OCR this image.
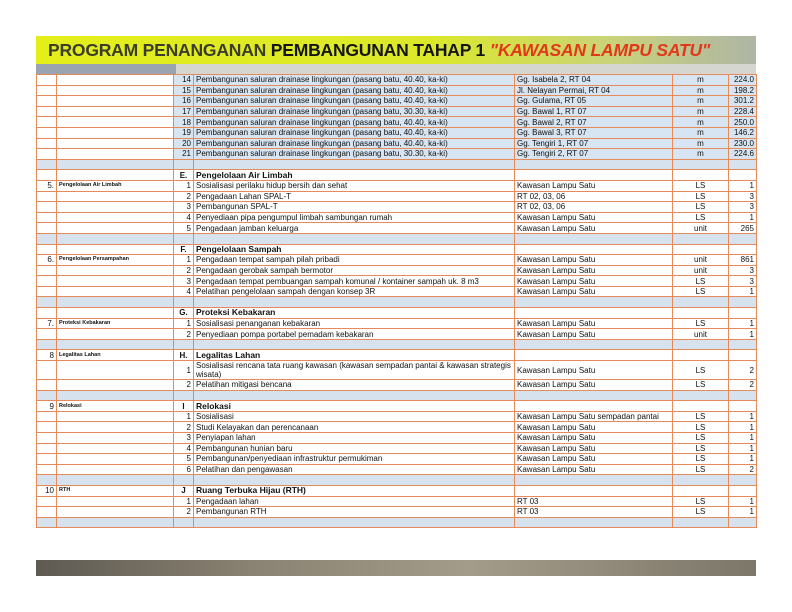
PROGRAM PENANGANAN PEMBANGUNAN TAHAP 1 "KAWASAN LAMPU SATU"
		14	Pembangunan saluran drainase lingkungan (pasang batu, 40.40, ka-ki)	Gg. Isabela 2, RT 04	m	224.0
		15	Pembangunan saluran drainase lingkungan (pasang batu, 40.40, ka-ki)	Jl. Nelayan Permai, RT 04	m	198.2
		16	Pembangunan saluran drainase lingkungan (pasang batu, 40.40, ka-ki)	Gg. Gulama, RT 05	m	301.2
		17	Pembangunan saluran drainase lingkungan (pasang batu, 30.30, ka-ki)	Gg. Bawal 1, RT 07	m	228.4
		18	Pembangunan saluran drainase lingkungan (pasang batu, 40.40, ka-ki)	Gg. Bawal 2, RT 07	m	250.0
		19	Pembangunan saluran drainase lingkungan (pasang batu, 40.40, ka-ki)	Gg. Bawal 3, RT 07	m	146.2
		20	Pembangunan saluran drainase lingkungan (pasang batu, 40.40, ka-ki)	Gg. Tengiri 1, RT 07	m	230.0
		21	Pembangunan saluran drainase lingkungan (pasang batu, 30.30, ka-ki)	Gg. Tengiri 2, RT 07	m	224.6

		E.	Pengelolaan Air Limbah			
5.	Pengelolaan Air Limbah	1	Sosialisasi perilaku hidup bersih dan sehat	Kawasan Lampu Satu	LS	1
		2	Pengadaan Lahan SPAL-T	RT 02, 03, 06	LS	3
		3	Pembangunan SPAL-T	RT 02, 03, 06	LS	3
		4	Penyediaan pipa pengumpul limbah sambungan rumah	Kawasan Lampu Satu	LS	1
		5	Pengadaan jamban keluarga	Kawasan Lampu Satu	unit	265

		F.	Pengelolaan Sampah			
6.	Pengelolaan Persampahan	1	Pengadaan tempat sampah pilah pribadi	Kawasan Lampu Satu	unit	861
		2	Pengadaan gerobak sampah bermotor	Kawasan Lampu Satu	unit	3
		3	Pengadaan tempat pembuangan sampah komunal / kontainer sampah uk. 8 m3	Kawasan Lampu Satu	LS	3
		4	Pelatihan pengelolaan sampah dengan konsep 3R	Kawasan Lampu Satu	LS	1

		G.	Proteksi Kebakaran			
7.	Proteksi Kebakaran	1	Sosialisasi penanganan kebakaran	Kawasan Lampu Satu	LS	1
		2	Penyediaan pompa portabel pemadam kebakaran	Kawasan Lampu Satu	unit	1

8	Legalitas Lahan	H.	Legalitas Lahan			
		1	Sosialisasi rencana tata ruang kawasan (kawasan sempadan pantai & kawasan strategis wisata)	Kawasan Lampu Satu	LS	2
		2	Pelatihan mitigasi bencana	Kawasan Lampu Satu	LS	2

9	Relokasi	I	Relokasi			
		1	Sosialisasi	Kawasan Lampu Satu sempadan pantai	LS	1
		2	Studi Kelayakan dan perencanaan	Kawasan Lampu Satu	LS	1
		3	Penyiapan lahan	Kawasan Lampu Satu	LS	1
		4	Pembangunan hunian baru	Kawasan Lampu Satu	LS	1
		5	Pembangunan/penyediaan infrastruktur permukiman	Kawasan Lampu Satu	LS	1
		6	Pelatihan dan pengawasan	Kawasan Lampu Satu	LS	2

10	RTH	J	Ruang Terbuka Hijau (RTH)			
		1	Pengadaan lahan	RT 03	LS	1
		2	Pembangunan RTH	RT 03	LS	1
